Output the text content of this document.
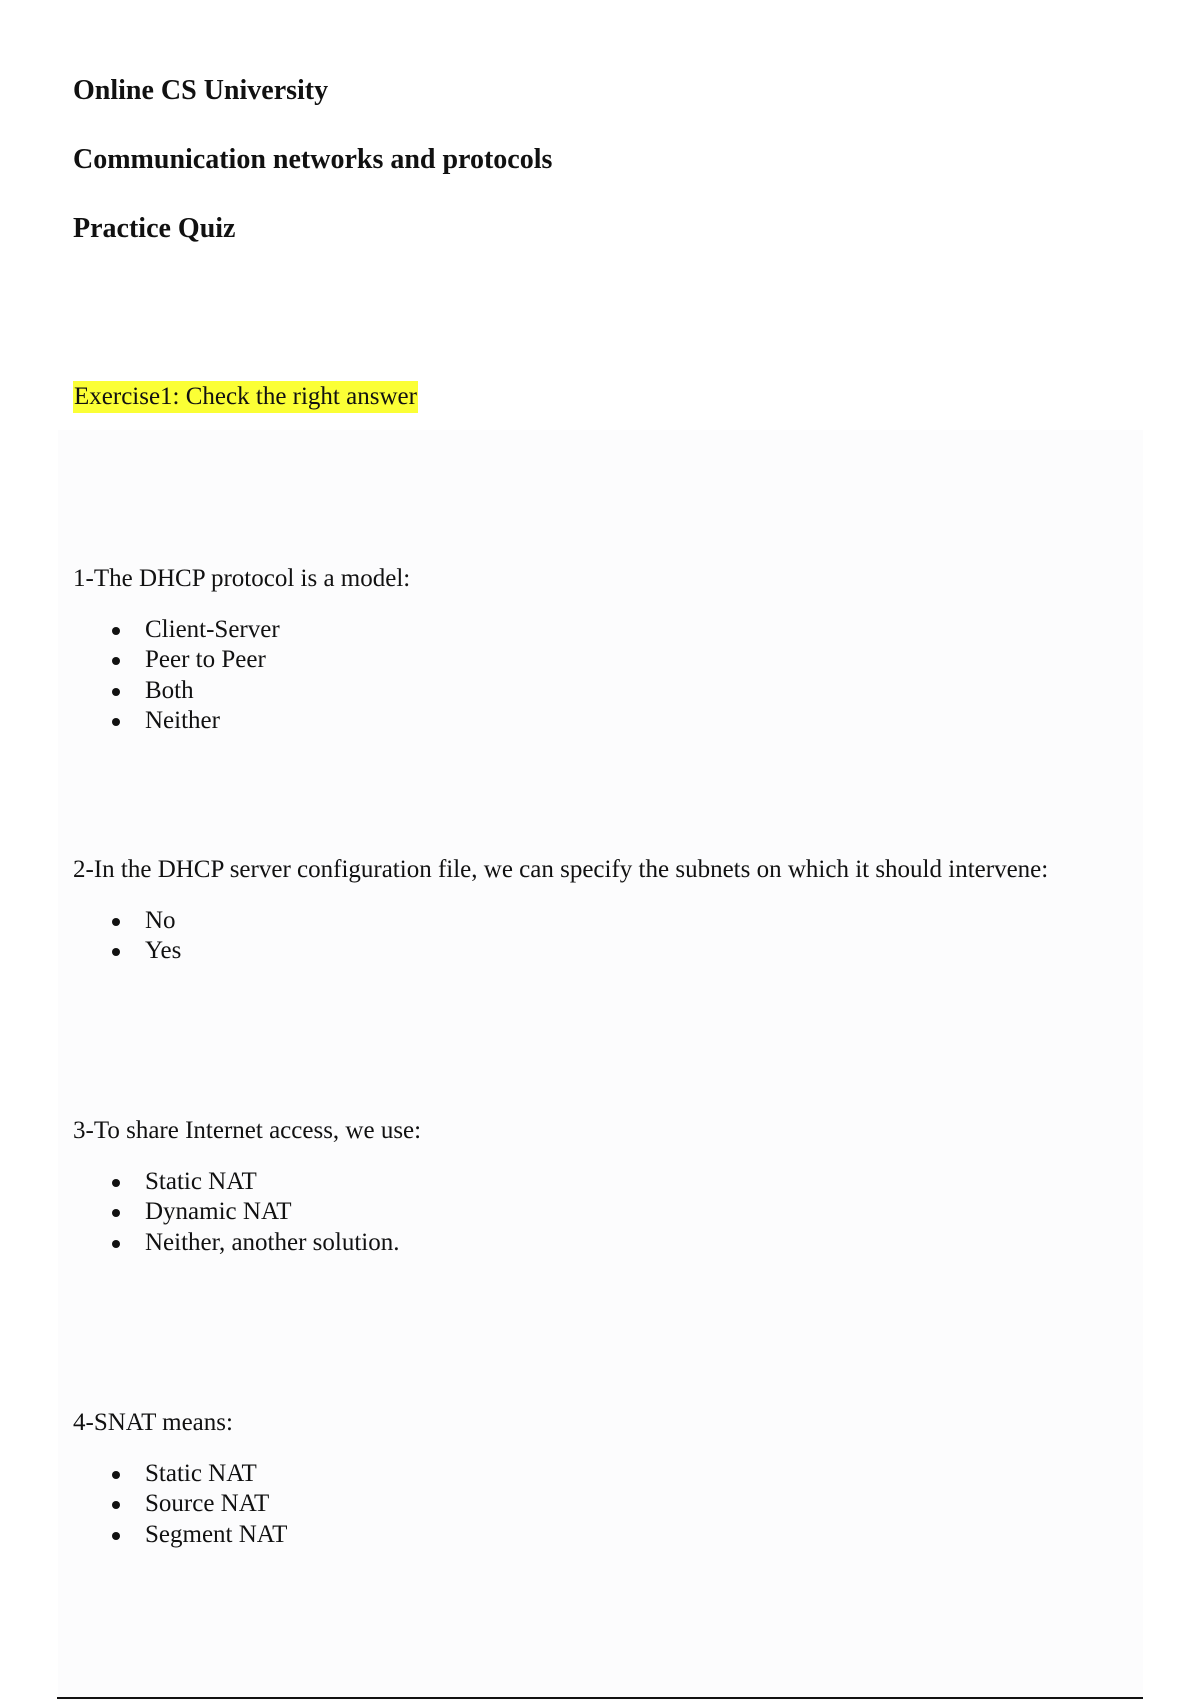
Online CS University
Communication networks and protocols
Practice Quiz
Exercise1: Check the right answer

1-The DHCP protocol is a model:

Client-Server
Peer to Peer
Both
Neither

2-In the DHCP server configuration file, we can specify the subnets on which it should intervene:

No
Yes

3-To share Internet access, we use:

Static NAT
Dynamic NAT
Neither, another solution.

4-SNAT means:

Static NAT
Source NAT
Segment NAT
